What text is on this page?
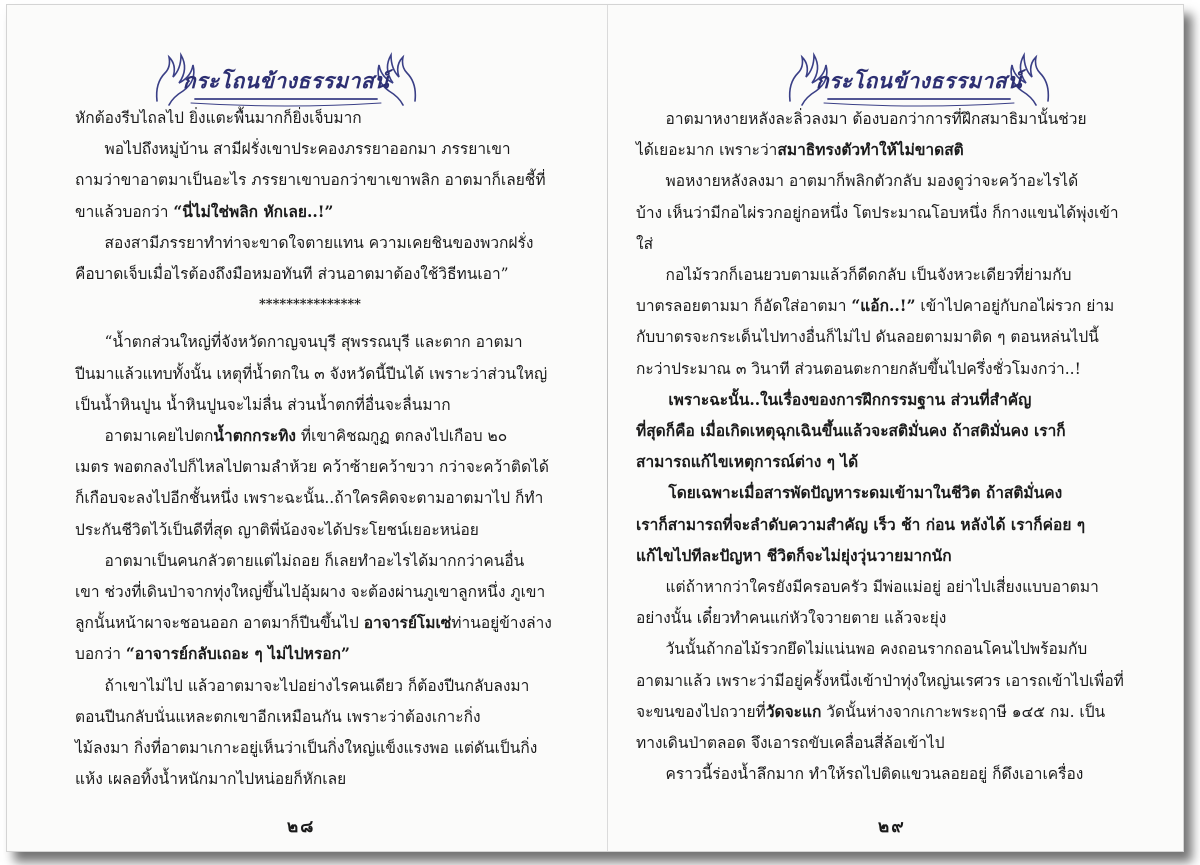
กระโถนข้างธรรมาสน์
หักต้องรีบไถลไป ยิ่งแตะพื้นมากก็ยิ่งเจ็บมาก
พอไปถึงหมู่บ้าน สามีฝรั่งเขาประคองภรรยาออกมา ภรรยาเขา
ถามว่าขาอาตมาเป็นอะไร ภรรยาเขาบอกว่าขาเขาพลิก อาตมาก็เลยชี้ที่
ขาแล้วบอกว่า “นี่ไม่ใช่พลิก หักเลย..!”
สองสามีภรรยาทำท่าจะขาดใจตายแทน ความเคยชินของพวกฝรั่ง
คือบาดเจ็บเมื่อไรต้องถึงมือหมอทันที ส่วนอาตมาต้องใช้วิธีทนเอา”
***************
“น้ำตกส่วนใหญ่ที่จังหวัดกาญจนบุรี สุพรรณบุรี และตาก อาตมา
ปีนมาแล้วแทบทั้งนั้น เหตุที่น้ำตกใน ๓ จังหวัดนี้ปีนได้ เพราะว่าส่วนใหญ่
เป็นน้ำหินปูน น้ำหินปูนจะไม่ลื่น ส่วนน้ำตกที่อื่นจะลื่นมาก
อาตมาเคยไปตกน้ำตกกระทิง ที่เขาคิชฌกูฏ ตกลงไปเกือบ ๒๐
เมตร พอตกลงไปก็ไหลไปตามลำห้วย คว้าซ้ายคว้าขวา กว่าจะคว้าติดได้
ก็เกือบจะลงไปอีกชั้นหนึ่ง เพราะฉะนั้น..ถ้าใครคิดจะตามอาตมาไป ก็ทำ
ประกันชีวิตไว้เป็นดีที่สุด ญาติพี่น้องจะได้ประโยชน์เยอะหน่อย
อาตมาเป็นคนกลัวตายแต่ไม่ถอย ก็เลยทำอะไรได้มากกว่าคนอื่น
เขา ช่วงที่เดินป่าจากทุ่งใหญ่ขึ้นไปอุ้มผาง จะต้องผ่านภูเขาลูกหนึ่ง ภูเขา
ลูกนั้นหน้าผาจะชอนออก อาตมาก็ปีนขึ้นไป อาจารย์โมเซ่ท่านอยู่ข้างล่าง
บอกว่า “อาจารย์กลับเถอะ ๆ ไม่ไปหรอก”
ถ้าเขาไม่ไป แล้วอาตมาจะไปอย่างไรคนเดียว ก็ต้องปีนกลับลงมา
ตอนปีนกลับนั่นแหละตกเขาอีกเหมือนกัน เพราะว่าต้องเกาะกิ่ง
ไม้ลงมา กิ่งที่อาตมาเกาะอยู่เห็นว่าเป็นกิ่งใหญ่แข็งแรงพอ แต่ดันเป็นกิ่ง
แห้ง เผลอทิ้งน้ำหนักมากไปหน่อยก็หักเลย
๒๘
กระโถนข้างธรรมาสน์
อาตมาหงายหลังละลิ่วลงมา ต้องบอกว่าการที่ฝึกสมาธิมานั้นช่วย
ได้เยอะมาก เพราะว่าสมาธิทรงตัวทำให้ไม่ขาดสติ
พอหงายหลังลงมา อาตมาก็พลิกตัวกลับ มองดูว่าจะคว้าอะไรได้
บ้าง เห็นว่ามีกอไผ่รวกอยู่กอหนึ่ง โตประมาณโอบหนึ่ง ก็กางแขนได้พุ่งเข้า
ใส่
กอไม้รวกก็เอนยวบตามแล้วก็ดีดกลับ เป็นจังหวะเดียวที่ย่ามกับ
บาตรลอยตามมา ก็อัดใส่อาตมา “แอ้ก..!” เข้าไปคาอยู่กับกอไผ่รวก ย่าม
กับบาตรจะกระเด็นไปทางอื่นก็ไม่ไป ดันลอยตามมาติด ๆ ตอนหล่นไปนี้
กะว่าประมาณ ๓ วินาที ส่วนตอนตะกายกลับขึ้นไปครึ่งชั่วโมงกว่า..!
เพราะฉะนั้น..ในเรื่องของการฝึกกรรมฐาน ส่วนที่สำคัญ
ที่สุดก็คือ เมื่อเกิดเหตุฉุกเฉินขึ้นแล้วจะสติมั่นคง ถ้าสติมั่นคง เราก็
สามารถแก้ไขเหตุการณ์ต่าง ๆ ได้
โดยเฉพาะเมื่อสารพัดปัญหาระดมเข้ามาในชีวิต ถ้าสติมั่นคง
เราก็สามารถที่จะลำดับความสำคัญ เร็ว ช้า ก่อน หลังได้ เราก็ค่อย ๆ
แก้ไขไปทีละปัญหา ชีวิตก็จะไม่ยุ่งวุ่นวายมากนัก
แต่ถ้าหากว่าใครยังมีครอบครัว มีพ่อแม่อยู่ อย่าไปเสี่ยงแบบอาตมา
อย่างนั้น เดี๋ยวทำคนแก่หัวใจวายตาย แล้วจะยุ่ง
วันนั้นถ้ากอไม้รวกยึดไม่แน่นพอ คงถอนรากถอนโคนไปพร้อมกับ
อาตมาแล้ว เพราะว่ามีอยู่ครั้งหนึ่งเข้าป่าทุ่งใหญ่นเรศวร เอารถเข้าไปเพื่อที่
จะขนของไปถวายที่วัดจะแก วัดนั้นห่างจากเกาะพระฤาษี ๑๔๕ กม. เป็น
ทางเดินป่าตลอด จึงเอารถขับเคลื่อนสี่ล้อเข้าไป
คราวนี้ร่องน้ำลึกมาก ทำให้รถไปติดแขวนลอยอยู่ ก็ดึงเอาเครื่อง
๒๙
